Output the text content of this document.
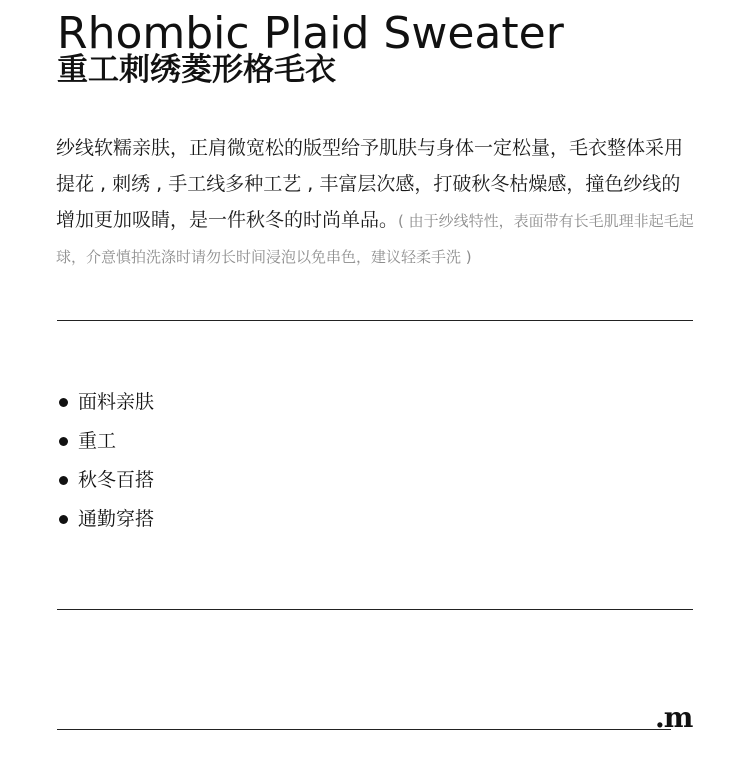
Rhombic Plaid Sweater
重工刺绣菱形格毛衣

纱线软糯亲肤，正肩微宽松的版型给予肌肤与身体一定松量，毛衣整体采用提花 , 刺绣 , 手工线多种工艺 , 丰富层次感，打破秋冬枯燥感，撞色纱线的增加更加吸睛，是一件秋冬的时尚单品。( 由于纱线特性，表面带有长毛肌理非起毛起球，介意慎拍洗涤时请勿长时间浸泡以免串色，建议轻柔手洗 )

面料亲肤
重工
秋冬百搭
通勤穿搭
.m
